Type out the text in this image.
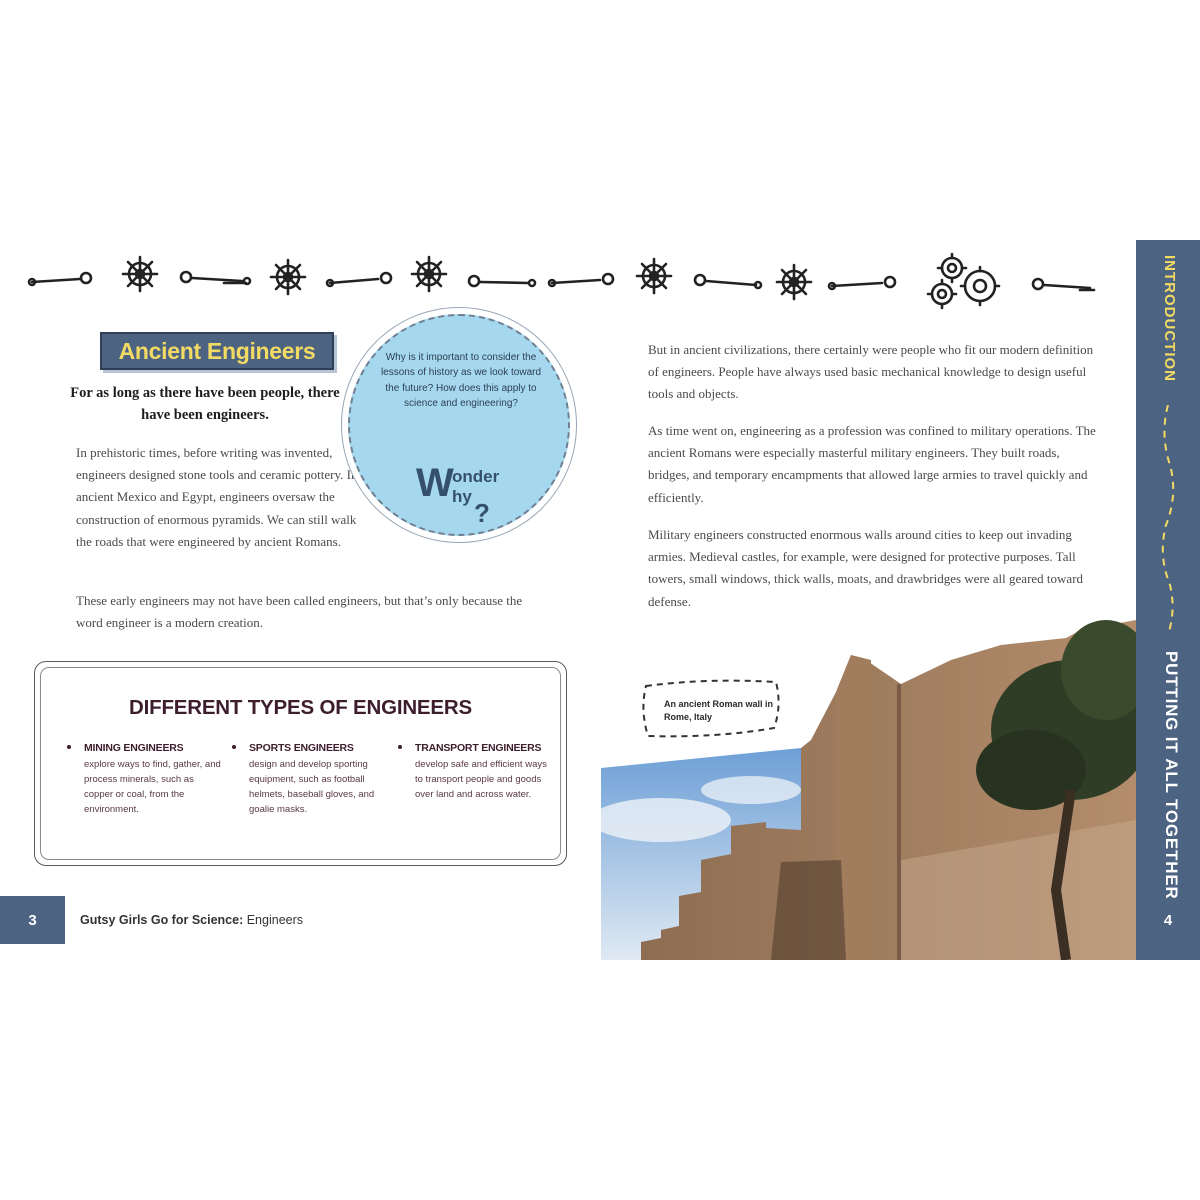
Ancient Engineers
For as long as there have been people, there have been engineers.
In prehistoric times, before writing was invented, engineers designed stone tools and ceramic pottery. In ancient Mexico and Egypt, engineers oversaw the construction of enormous pyramids. We can still walk the roads that were engineered by ancient Romans.
These early engineers may not have been called engineers, but that’s only because the word engineer is a modern creation.
Why is it important to consider the lessons of history as we look toward the future? How does this apply to science and engineering?
W
onder
hy
?
DIFFERENT TYPES OF ENGINEERS
MINING ENGINEERS
explore ways to find, gather, and process minerals, such as copper or coal, from the environment.
SPORTS ENGINEERS
design and develop sporting equipment, such as football helmets, baseball gloves, and goalie masks.
TRANSPORT ENGINEERS
develop safe and efficient ways to transport people and goods over land and across water.
3	Gutsy Girls Go for Science: Engineers
But in ancient civilizations, there certainly were people who fit our modern definition of engineers. People have always used basic mechanical knowledge to design useful tools and objects.
As time went on, engineering as a profession was confined to military operations. The ancient Romans were especially masterful military engineers. They built roads, bridges, and temporary encampments that allowed large armies to travel quickly and efficiently.
Military engineers constructed enormous walls around cities to keep out invading armies. Medieval castles, for example, were designed for protective purposes. Tall towers, small windows, thick walls, moats, and drawbridges were all geared toward defense.
An ancient Roman wall in Rome, Italy
INTRODUCTION
PUTTING IT ALL TOGETHER
4
